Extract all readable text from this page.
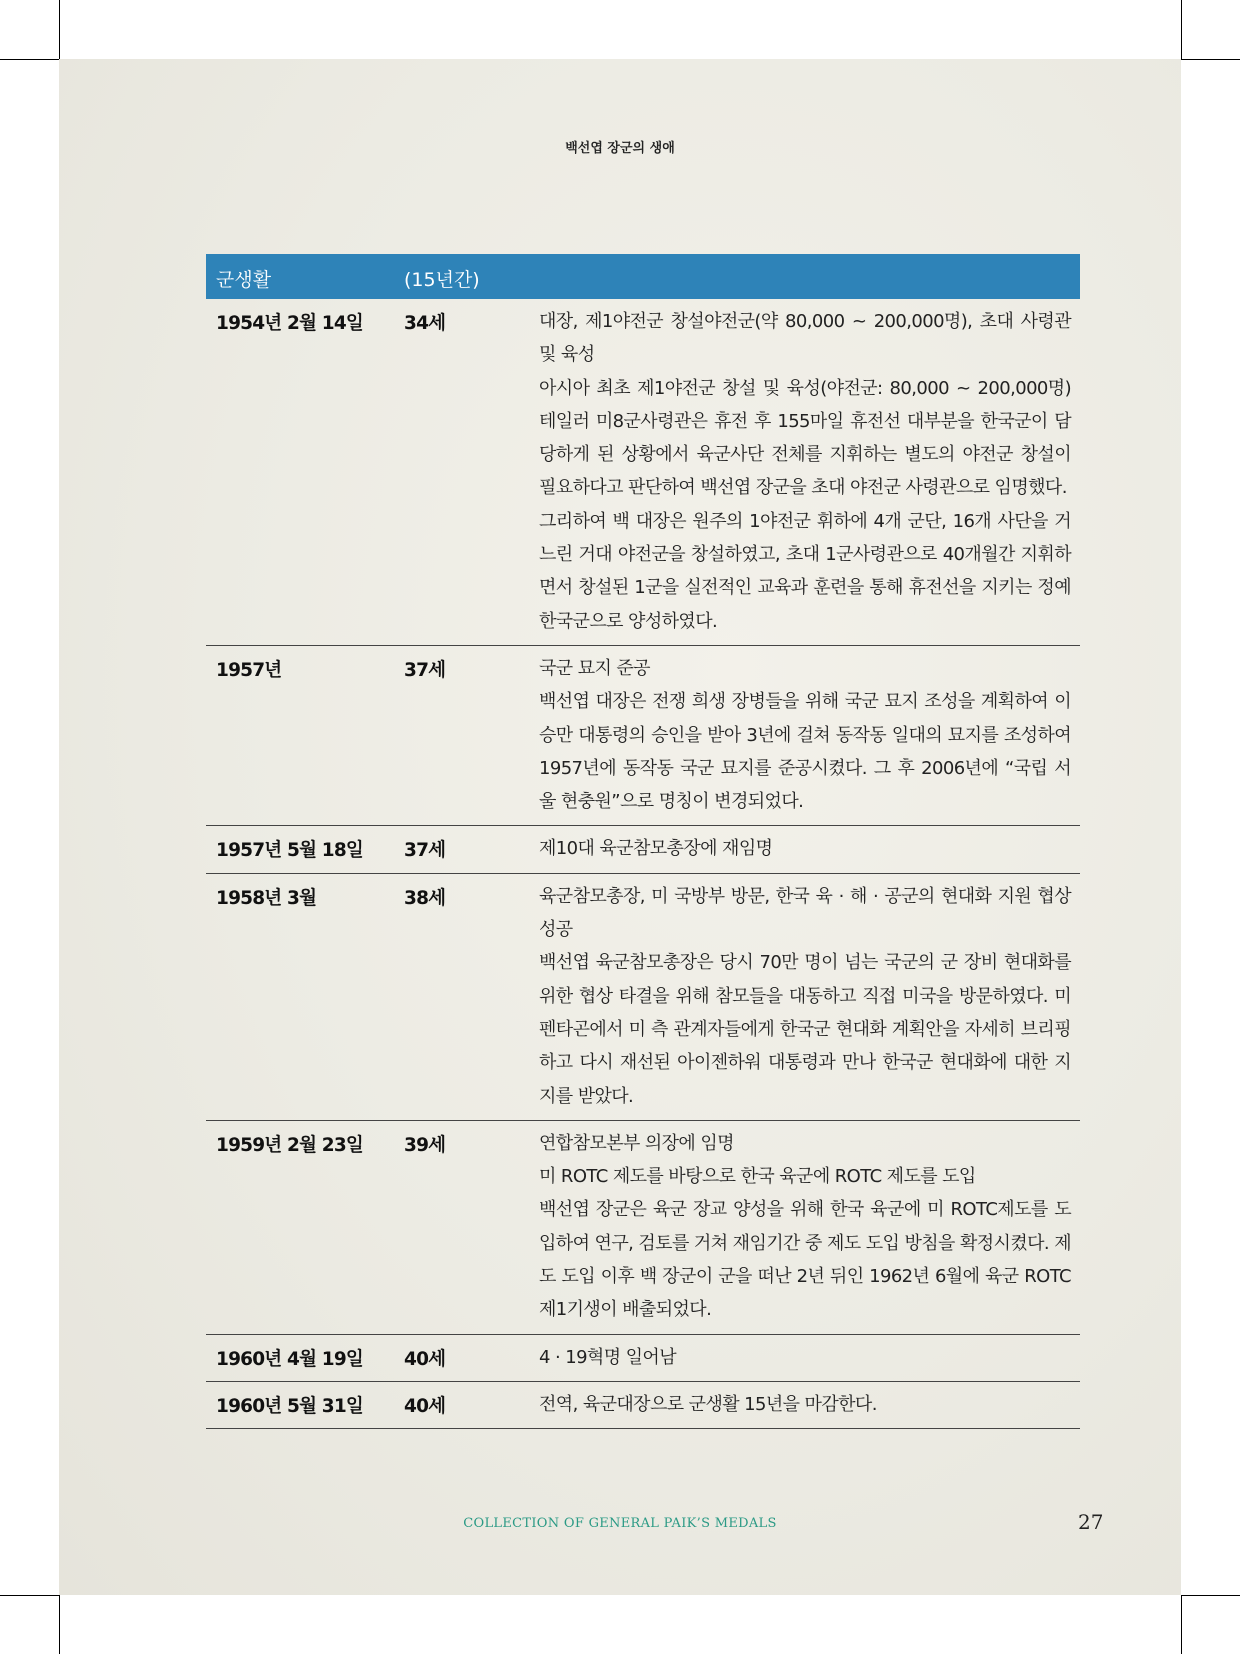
백선엽 장군의 생애
군생활	(15년간)
1954년 2월 14일 34세	대장, 제1야전군 창설야전군(약 80,000 ~ 200,000명), 초대 사령관 및 육성

아시아 최초 제1야전군 창설 및 육성(야전군: 80,000 ~ 200,000명) 테일러 미8군사령관은 휴전 후 155마일 휴전선 대부분을 한국군이 담당하게 된 상황에서 육군사단 전체를 지휘하는 별도의 야전군 창설이 필요하다고 판단하여 백선엽 장군을 초대 야전군 사령관으로 임명했다.

그리하여 백 대장은 원주의 1야전군 휘하에 4개 군단, 16개 사단을 거느린 거대 야전군을 창설하였고, 초대 1군사령관으로 40개월간 지휘하면서 창설된 1군을 실전적인 교육과 훈련을 통해 휴전선을 지키는 정예 한국군으로 양성하였다.

1957년	37세	국군 묘지 준공

백선엽 대장은 전쟁 희생 장병들을 위해 국군 묘지 조성을 계획하여 이승만 대통령의 승인을 받아 3년에 걸쳐 동작동 일대의 묘지를 조성하여 1957년에 동작동 국군 묘지를 준공시켰다. 그 후 2006년에 “국립 서울 현충원”으로 명칭이 변경되었다.

1957년 5월 18일 37세	제10대 육군참모총장에 재임명

1958년 3월	38세	육군참모총장, 미 국방부 방문, 한국 육 · 해 · 공군의 현대화 지원 협상 성공

백선엽 육군참모총장은 당시 70만 명이 넘는 국군의 군 장비 현대화를 위한 협상 타결을 위해 참모들을 대동하고 직접 미국을 방문하였다. 미 펜타곤에서 미 측 관계자들에게 한국군 현대화 계획안을 자세히 브리핑하고 다시 재선된 아이젠하워 대통령과 만나 한국군 현대화에 대한 지지를 받았다.

1959년 2월 23일 39세	연합참모본부 의장에 임명

미 ROTC 제도를 바탕으로 한국 육군에 ROTC 제도를 도입

백선엽 장군은 육군 장교 양성을 위해 한국 육군에 미 ROTC제도를 도입하여 연구, 검토를 거쳐 재임기간 중 제도 도입 방침을 확정시켰다. 제도 도입 이후 백 장군이 군을 떠난 2년 뒤인 1962년 6월에 육군 ROTC 제1기생이 배출되었다.

1960년 4월 19일 40세	4 · 19혁명 일어남

1960년 5월 31일 40세	전역, 육군대장으로 군생활 15년을 마감한다.

COLLECTION OF GENERAL PAIK’S MEDALS	27
